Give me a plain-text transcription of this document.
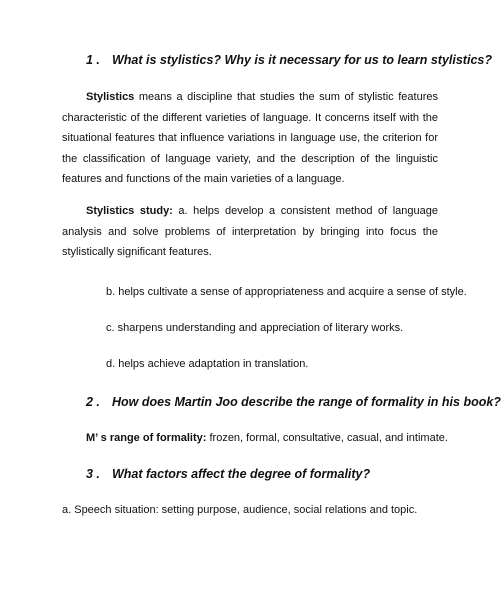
1 . What is stylistics? Why is it necessary for us to learn stylistics?

Stylistics means a discipline that studies the sum of stylistic features characteristic of the different varieties of language. It concerns itself with the situational features that influence variations in language use, the criterion for the classification of language variety, and the description of the linguistic features and functions of the main varieties of a language.

Stylistics study: a. helps develop a consistent method of language analysis and solve problems of interpretation by bringing into focus the stylistically significant features.

b. helps cultivate a sense of appropriateness and acquire a sense of style.

c. sharpens understanding and appreciation of literary works.

d. helps achieve adaptation in translation.

2 . How does Martin Joo describe the range of formality in his book?

M’ s range of formality: frozen, formal, consultative, casual, and intimate.

3 . What factors affect the degree of formality?

a. Speech situation: setting purpose, audience, social relations and topic.
